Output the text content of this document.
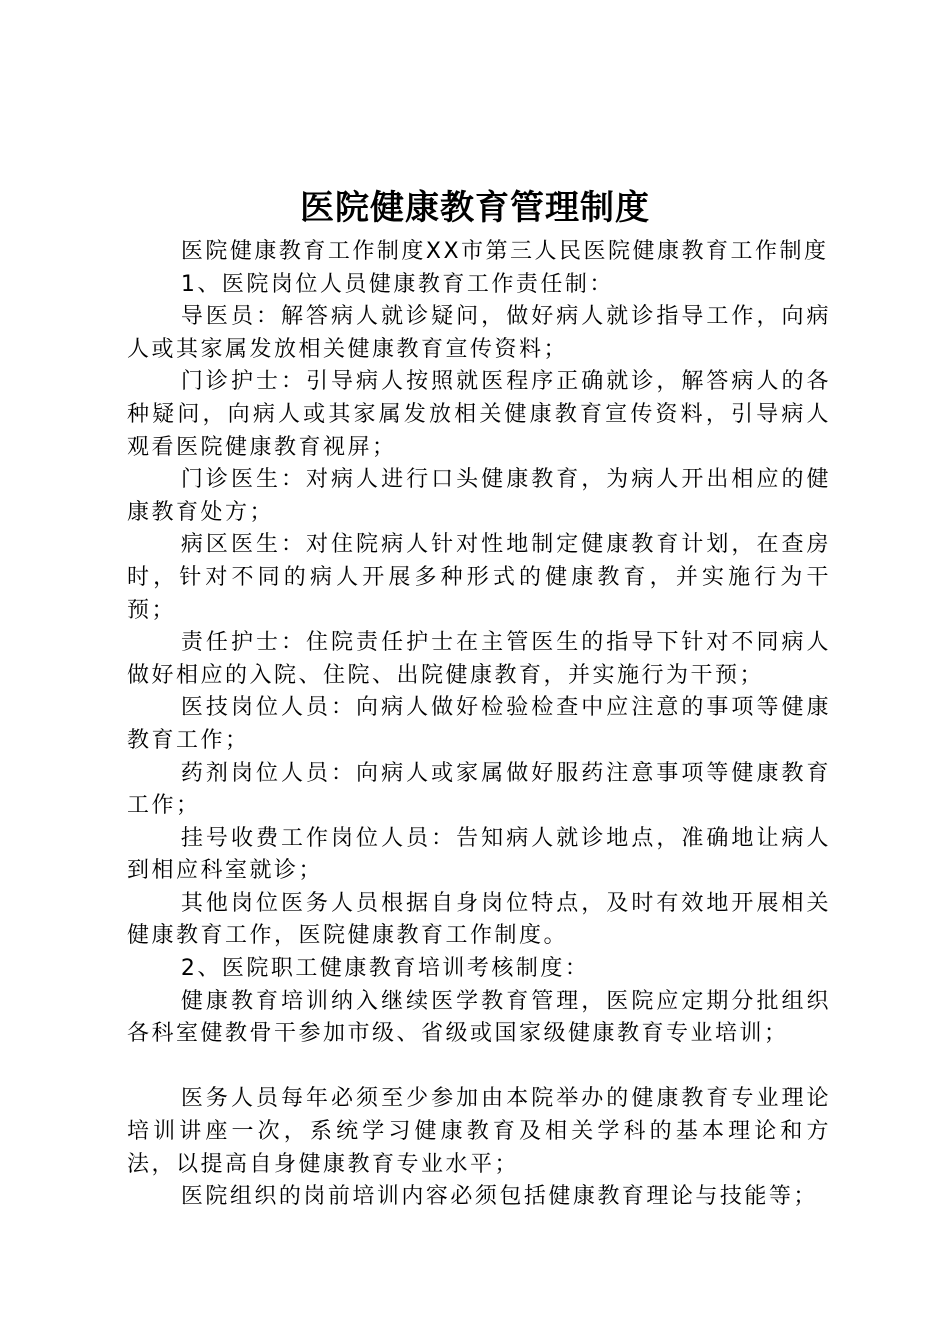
医院健康教育管理制度

医院健康教育工作制度XX市第三人民医院健康教育工作制度

1、医院岗位人员健康教育工作责任制：

导医员：解答病人就诊疑问，做好病人就诊指导工作，向病人或其家属发放相关健康教育宣传资料；

门诊护士：引导病人按照就医程序正确就诊，解答病人的各种疑问，向病人或其家属发放相关健康教育宣传资料，引导病人观看医院健康教育视屏；

门诊医生：对病人进行口头健康教育，为病人开出相应的健康教育处方；

病区医生：对住院病人针对性地制定健康教育计划，在查房时，针对不同的病人开展多种形式的健康教育，并实施行为干预；

责任护士：住院责任护士在主管医生的指导下针对不同病人做好相应的入院、住院、出院健康教育，并实施行为干预；

医技岗位人员：向病人做好检验检查中应注意的事项等健康教育工作；

药剂岗位人员：向病人或家属做好服药注意事项等健康教育工作；

挂号收费工作岗位人员：告知病人就诊地点，准确地让病人到相应科室就诊；

其他岗位医务人员根据自身岗位特点，及时有效地开展相关健康教育工作，医院健康教育工作制度。

2、医院职工健康教育培训考核制度：

健康教育培训纳入继续医学教育管理，医院应定期分批组织各科室健教骨干参加市级、省级或国家级健康教育专业培训；

医务人员每年必须至少参加由本院举办的健康教育专业理论培训讲座一次，系统学习健康教育及相关学科的基本理论和方法，以提高自身健康教育专业水平；

医院组织的岗前培训内容必须包括健康教育理论与技能等；
